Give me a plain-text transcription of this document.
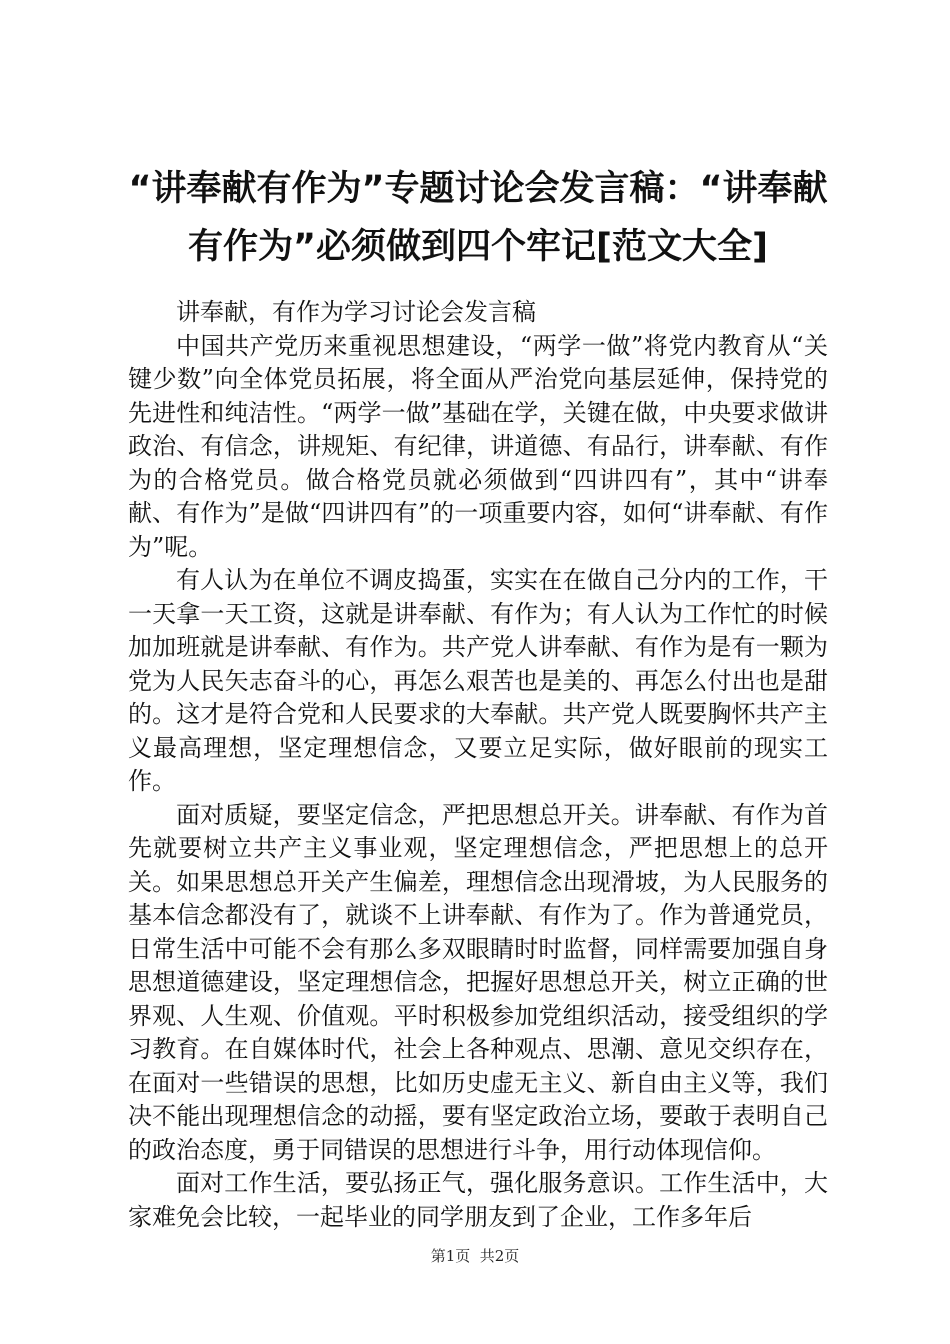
“讲奉献有作为”专题讨论会发言稿：“讲奉献有作为”必须做到四个牢记[范文大全]

讲奉献，有作为学习讨论会发言稿

中国共产党历来重视思想建设，“两学一做”将党内教育从“关键少数”向全体党员拓展，将全面从严治党向基层延伸，保持党的先进性和纯洁性。“两学一做”基础在学，关键在做，中央要求做讲政治、有信念，讲规矩、有纪律，讲道德、有品行，讲奉献、有作为的合格党员。做合格党员就必须做到“四讲四有”，其中“讲奉献、有作为”是做“四讲四有”的一项重要内容，如何“讲奉献、有作为”呢。

有人认为在单位不调皮捣蛋，实实在在做自己分内的工作，干一天拿一天工资，这就是讲奉献、有作为；有人认为工作忙的时候加加班就是讲奉献、有作为。共产党人讲奉献、有作为是有一颗为党为人民矢志奋斗的心，再怎么艰苦也是美的、再怎么付出也是甜的。这才是符合党和人民要求的大奉献。共产党人既要胸怀共产主义最高理想，坚定理想信念，又要立足实际，做好眼前的现实工作。

面对质疑，要坚定信念，严把思想总开关。讲奉献、有作为首先就要树立共产主义事业观，坚定理想信念，严把思想上的总开关。如果思想总开关产生偏差，理想信念出现滑坡，为人民服务的基本信念都没有了，就谈不上讲奉献、有作为了。作为普通党员，日常生活中可能不会有那么多双眼睛时时监督，同样需要加强自身思想道德建设，坚定理想信念，把握好思想总开关，树立正确的世界观、人生观、价值观。平时积极参加党组织活动，接受组织的学习教育。在自媒体时代，社会上各种观点、思潮、意见交织存在，在面对一些错误的思想，比如历史虚无主义、新自由主义等，我们决不能出现理想信念的动摇，要有坚定政治立场，要敢于表明自己的政治态度，勇于同错误的思想进行斗争，用行动体现信仰。

面对工作生活，要弘扬正气，强化服务意识。工作生活中，大家难免会比较，一起毕业的同学朋友到了企业，工作多年后

第1页  共2页
